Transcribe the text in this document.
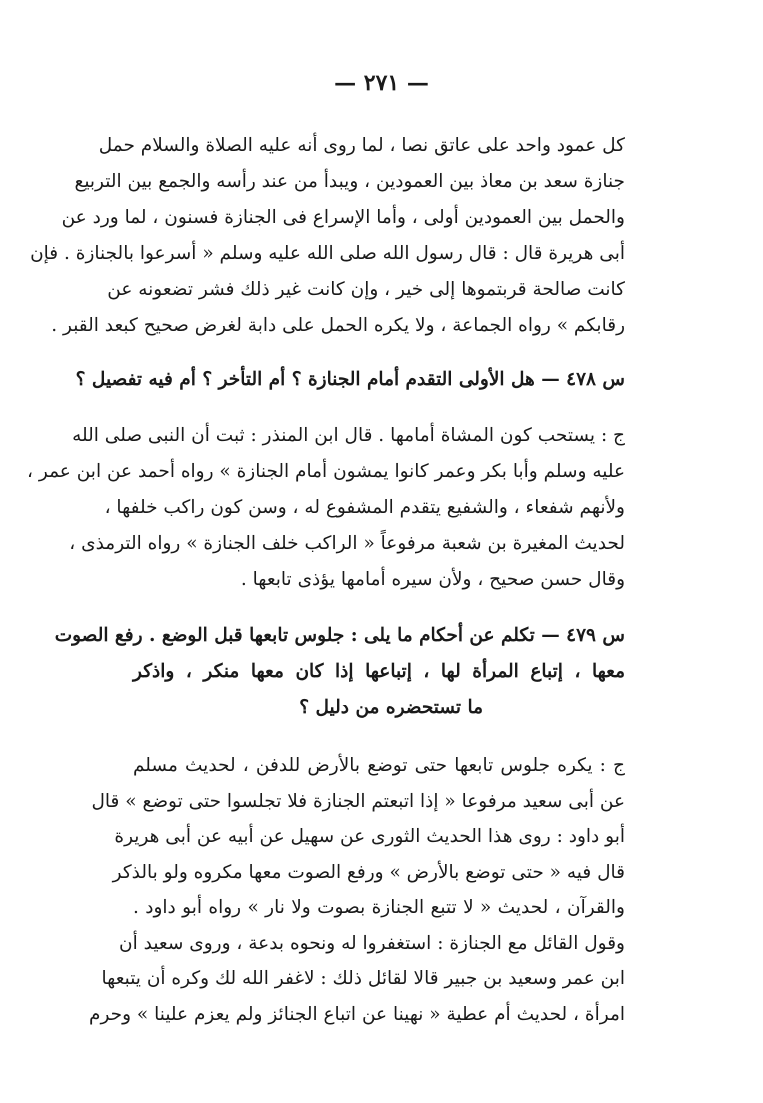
— ٢٧١ —
كل عمود واحد على عاتق نصا ، لما روى أنه عليه الصلاة والسلام حمل
جنازة سعد بن معاذ بين العمودين ، ويبدأ من عند رأسه والجمع بين التربيع
والحمل بين العمودين أولى ، وأما الإسراع فى الجنازة فسنون ، لما ورد عن
أبى هريرة قال : قال رسول الله صلى الله عليه وسلم « أسرعوا بالجنازة . فإن
كانت صالحة قربتموها إلى خير ، وإن كانت غير ذلك فشر تضعونه عن
رقابكم » رواه الجماعة ، ولا يكره الحمل على دابة لغرض صحيح كبعد القبر .
س ٤٧٨ — هل الأولى التقدم أمام الجنازة ؟ أم التأخر ؟ أم فيه تفصيل ؟
ج : يستحب كون المشاة أمامها . قال ابن المنذر : ثبت أن النبى صلى الله
عليه وسلم وأبا بكر وعمر كانوا يمشون أمام الجنازة » رواه أحمد عن ابن عمر ،
ولأنهم شفعاء ، والشفيع يتقدم المشفوع له ، وسن كون راكب خلفها ،
لحديث المغيرة بن شعبة مرفوعاً « الراكب خلف الجنازة » رواه الترمذى ،
وقال حسن صحيح ، ولأن سيره أمامها يؤذى تابعها .
س ٤٧٩ — تكلم عن أحكام ما يلى : جلوس تابعها قبل الوضع . رفع الصوت
معها ، إتباع المرأة لها ، إتباعها إذا كان معها منكر ، واذكر
ما تستحضره من دليل ؟
ج : يكره جلوس تابعها حتى توضع بالأرض للدفن ، لحديث مسلم
عن أبى سعيد مرفوعا « إذا اتبعتم الجنازة فلا تجلسوا حتى توضع » قال
أبو داود : روى هذا الحديث الثورى عن سهيل عن أبيه عن أبى هريرة
قال فيه « حتى توضع بالأرض » ورفع الصوت معها مكروه ولو بالذكر
والقرآن ، لحديث « لا تتبع الجنازة بصوت ولا نار » رواه أبو داود .
وقول القائل مع الجنازة : استغفروا له ونحوه بدعة ، وروى سعيد أن
ابن عمر وسعيد بن جبير قالا لقائل ذلك : لاغفر الله لك وكره أن يتبعها
امرأة ، لحديث أم عطية « نهينا عن اتباع الجنائز ولم يعزم علينا » وحرم
